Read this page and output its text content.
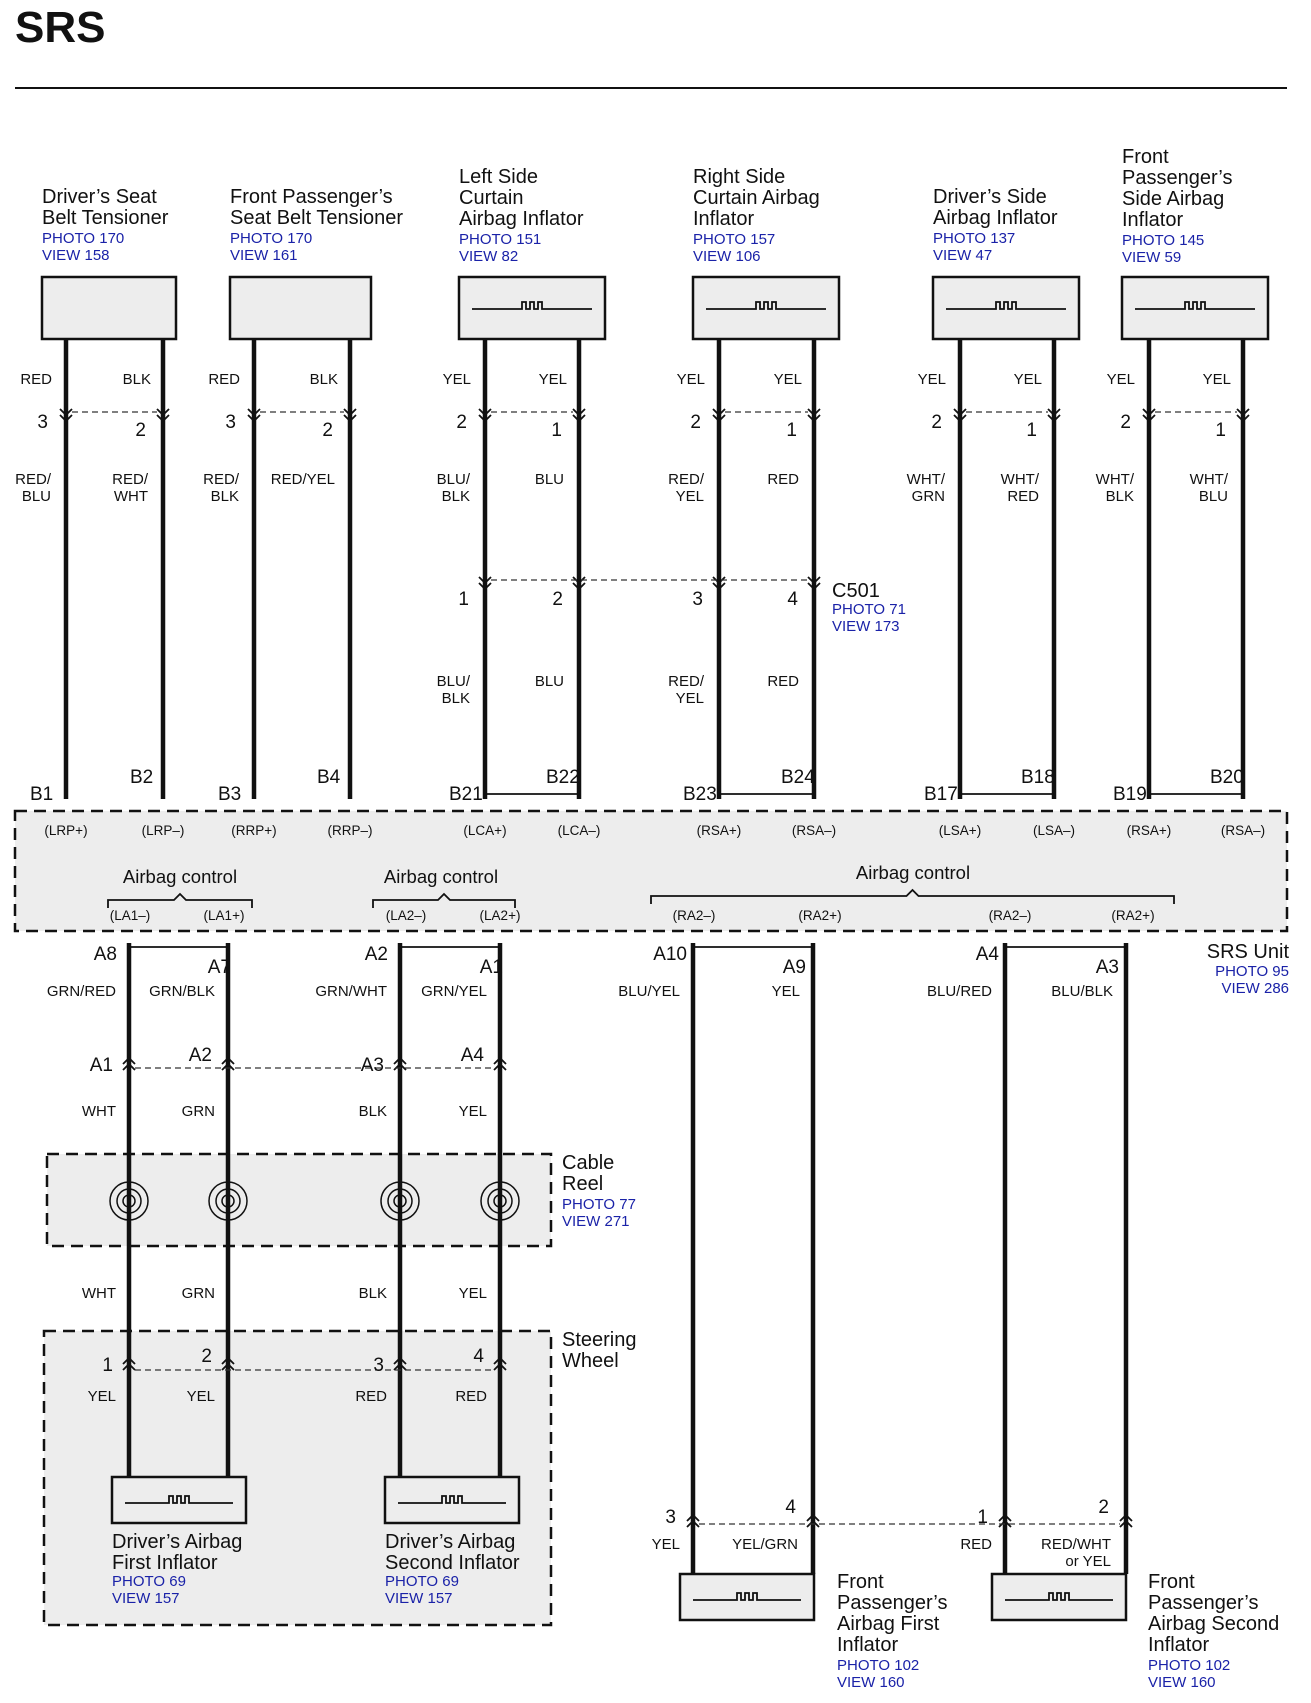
SRS
Driver’s Seat
Belt Tensioner
PHOTO 170
VIEW 158
Front Passenger’s
Seat Belt Tensioner
PHOTO 170
VIEW 161
Left Side
Curtain
Airbag Inflator
PHOTO 151
VIEW 82
Right Side
Curtain Airbag
Inflator
PHOTO 157
VIEW 106
Driver’s Side
Airbag Inflator
PHOTO 137
VIEW 47
Front
Passenger’s
Side Airbag
Inflator
PHOTO 145
VIEW 59
RED
3
RED/
BLU
B1
(LRP+)
BLK
2
RED/
WHT
B2
(LRP–)
RED
3
RED/
BLK
B3
(RRP+)
BLK
2
RED/YEL
B4
(RRP–)
YEL
2
BLU/
BLK
1
BLU/
BLK
B21
(LCA+)
YEL
1
BLU
2
BLU
B22
(LCA–)
YEL
2
RED/
YEL
3
RED/
YEL
B23
(RSA+)
YEL
1
RED
4
RED
B24
(RSA–)
YEL
2
WHT/
GRN
B17
(LSA+)
YEL
1
WHT/
RED
B18
(LSA–)
YEL
2
WHT/
BLK
B19
(RSA+)
YEL
1
WHT/
BLU
B20
(RSA–)
C501
PHOTO 71
VIEW 173
Airbag control	Airbag control	Airbag control
(LA1–)	(LA1+)	(LA2–)	(LA2+)	(RA2–)	(RA2+)	(RA2–)	(RA2+)
SRS Unit
PHOTO 95
VIEW 286
A8
GRN/RED
A1
WHT
WHT
1
YEL
A7
GRN/BLK
A2
GRN
GRN
2
YEL
A2
GRN/WHT
A3
BLK
BLK
3
RED
A1
GRN/YEL
A4
YEL
YEL
4
RED
Cable
Reel
PHOTO 77
VIEW 271
Steering
Wheel
Driver’s Airbag
First Inflator
PHOTO 69
VIEW 157
Driver’s Airbag
Second Inflator
PHOTO 69
VIEW 157
A10
BLU/YEL
3
YEL
A9
YEL
4
YEL/GRN
A4
BLU/RED
1
RED
A3
BLU/BLK
2
RED/WHT
or YEL
Front
Passenger’s
Airbag First
Inflator
PHOTO 102
VIEW 160
Front
Passenger’s
Airbag Second
Inflator
PHOTO 102
VIEW 160
